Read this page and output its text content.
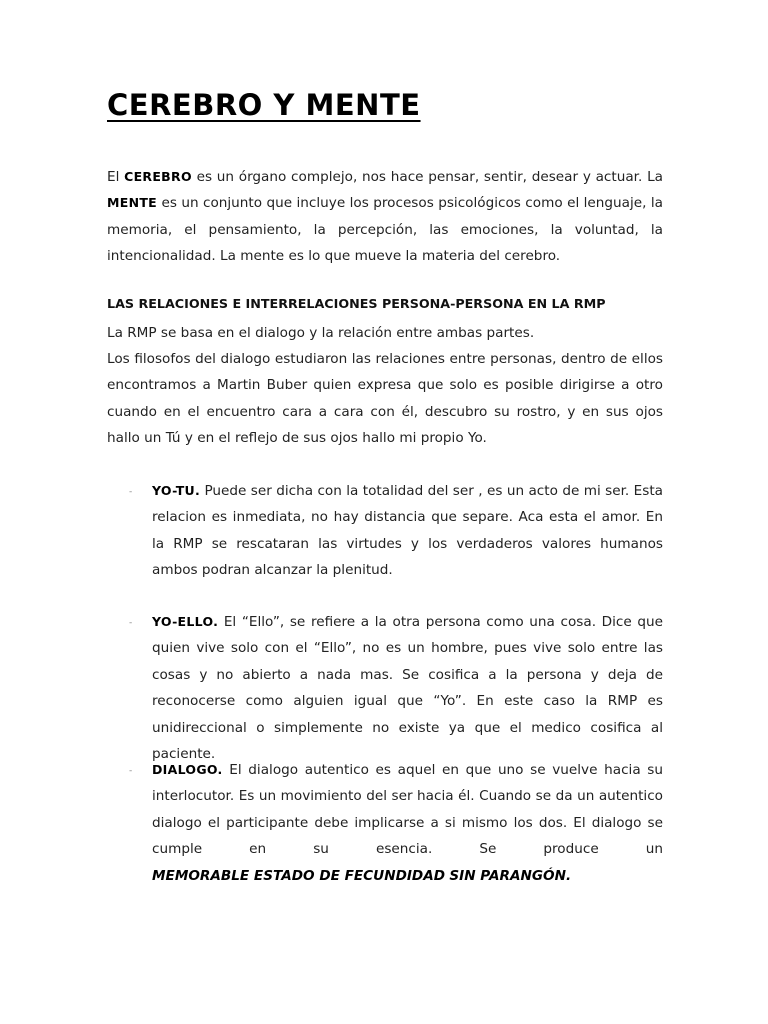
CEREBRO Y MENTE

El CEREBRO es un órgano complejo, nos hace pensar, sentir, desear y actuar. La MENTE es un conjunto que incluye los procesos psicológicos como el lenguaje, la memoria, el pensamiento, la percepción, las emociones, la voluntad, la intencionalidad. La mente es lo que mueve la materia del cerebro.

LAS RELACIONES E INTERRELACIONES PERSONA-PERSONA EN LA RMP

La RMP se basa en el dialogo y la relación entre ambas partes.

Los filosofos del dialogo estudiaron las relaciones entre personas, dentro de ellos encontramos a Martin Buber quien expresa que solo es posible dirigirse a otro cuando en el encuentro cara a cara con él, descubro su rostro, y en sus ojos hallo un Tú y en el reflejo de sus ojos hallo mi propio Yo.

- YO-TU. Puede ser dicha con la totalidad del ser , es un acto de mi ser. Esta relacion es inmediata, no hay distancia que separe. Aca esta el amor. En la RMP se rescataran las virtudes y los verdaderos valores humanos ambos podran alcanzar la plenitud.

- YO-ELLO. El “Ello”, se refiere a la otra persona como una cosa. Dice que quien vive solo con el “Ello”, no es un hombre, pues vive solo entre las cosas y no abierto a nada mas. Se cosifica a la persona y deja de reconocerse como alguien igual que “Yo”. En este caso la RMP es unidireccional o simplemente no existe ya que el medico cosifica al paciente.

- DIALOGO. El dialogo autentico es aquel en que uno se vuelve hacia su interlocutor. Es un movimiento del ser hacia él. Cuando se da un autentico dialogo el participante debe implicarse a si mismo los dos. El dialogo se cumple en su esencia. Se produce un MEMORABLE ESTADO DE FECUNDIDAD SIN PARANGÓN.
